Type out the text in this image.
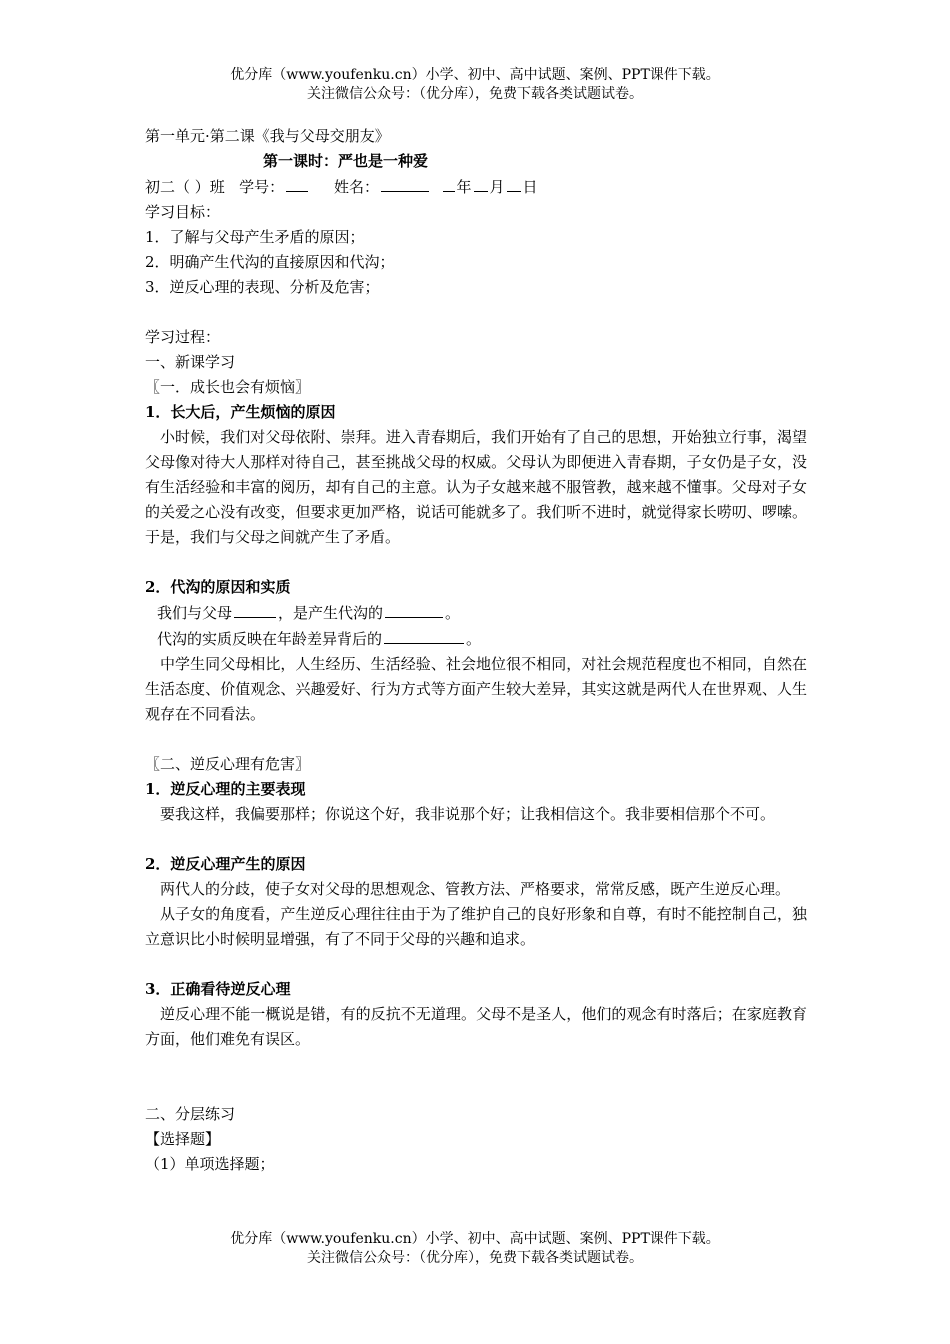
优分库（www.youfenku.cn）小学、初中、高中试题、案例、PPT课件下载。
关注微信公众号：（优分库），免费下载各类试题试卷。
第一单元·第二课《我与父母交朋友》
第一课时：严也是一种爱
初二（ ）班 学号：	姓名：	年 月 日
学习目标：
1．了解与父母产生矛盾的原因；
2．明确产生代沟的直接原因和代沟；
3．逆反心理的表现、分析及危害；
学习过程：
一、新课学习
〖一．成长也会有烦恼〗
1．长大后，产生烦恼的原因
小时候，我们对父母依附、崇拜。进入青春期后，我们开始有了自己的思想，开始独立行事，渴望父母像对待大人那样对待自己，甚至挑战父母的权威。父母认为即便进入青春期，子女仍是子女，没有生活经验和丰富的阅历，却有自己的主意。认为子女越来越不服管教，越来越不懂事。父母对子女的关爱之心没有改变，但要求更加严格，说话可能就多了。我们听不进时，就觉得家长唠叨、啰嗦。于是，我们与父母之间就产生了矛盾。
2．代沟的原因和实质
我们与父母	，是产生代沟的	。
代沟的实质反映在年龄差异背后的	。
中学生同父母相比，人生经历、生活经验、社会地位很不相同，对社会规范程度也不相同，自然在生活态度、价值观念、兴趣爱好、行为方式等方面产生较大差异，其实这就是两代人在世界观、人生观存在不同看法。
〖二、逆反心理有危害〗
1．逆反心理的主要表现
要我这样，我偏要那样；你说这个好，我非说那个好；让我相信这个。我非要相信那个不可。
2．逆反心理产生的原因
两代人的分歧，使子女对父母的思想观念、管教方法、严格要求，常常反感，既产生逆反心理。
从子女的角度看，产生逆反心理往往由于为了维护自己的良好形象和自尊，有时不能控制自己，独立意识比小时候明显增强，有了不同于父母的兴趣和追求。
3．正确看待逆反心理
逆反心理不能一概说是错，有的反抗不无道理。父母不是圣人，他们的观念有时落后；在家庭教育方面，他们难免有误区。
二、分层练习
【选择题】
（1）单项选择题；
优分库（www.youfenku.cn）小学、初中、高中试题、案例、PPT课件下载。
关注微信公众号：（优分库），免费下载各类试题试卷。
